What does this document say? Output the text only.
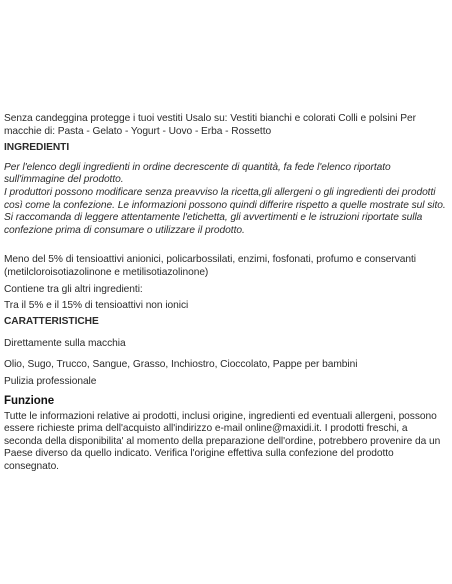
Senza candeggina protegge i tuoi vestiti Usalo su: Vestiti bianchi e colorati Colli e polsini Per macchie di: Pasta - Gelato - Yogurt - Uovo - Erba - Rossetto

INGREDIENTI

Per l'elenco degli ingredienti in ordine decrescente di quantità, fa fede l'elenco riportato sull'immagine del prodotto.
I produttori possono modificare senza preavviso la ricetta,gli allergeni o gli ingredienti dei prodotti così come la confezione. Le informazioni possono quindi differire rispetto a quelle mostrate sul sito. Si raccomanda di leggere attentamente l'etichetta, gli avvertimenti e le istruzioni riportate sulla confezione prima di consumare o utilizzare il prodotto.

Meno del 5% di tensioattivi anionici, policarbossilati, enzimi, fosfonati, profumo e conservanti (metilcloroisotiazolinone e metilisotiazolinone)

Contiene tra gli altri ingredienti:

Tra il 5% e il 15% di tensioattivi non ionici

CARATTERISTICHE

Direttamente sulla macchia

Olio, Sugo, Trucco, Sangue, Grasso, Inchiostro, Cioccolato, Pappe per bambini

Pulizia professionale

Funzione

Tutte le informazioni relative ai prodotti, inclusi origine, ingredienti ed eventuali allergeni, possono essere richieste prima dell'acquisto all'indirizzo e-mail online@maxidi.it. I prodotti freschi, a seconda della disponibilita' al momento della preparazione dell'ordine, potrebbero provenire da un Paese diverso da quello indicato. Verifica l'origine effettiva sulla confezione del prodotto consegnato.
